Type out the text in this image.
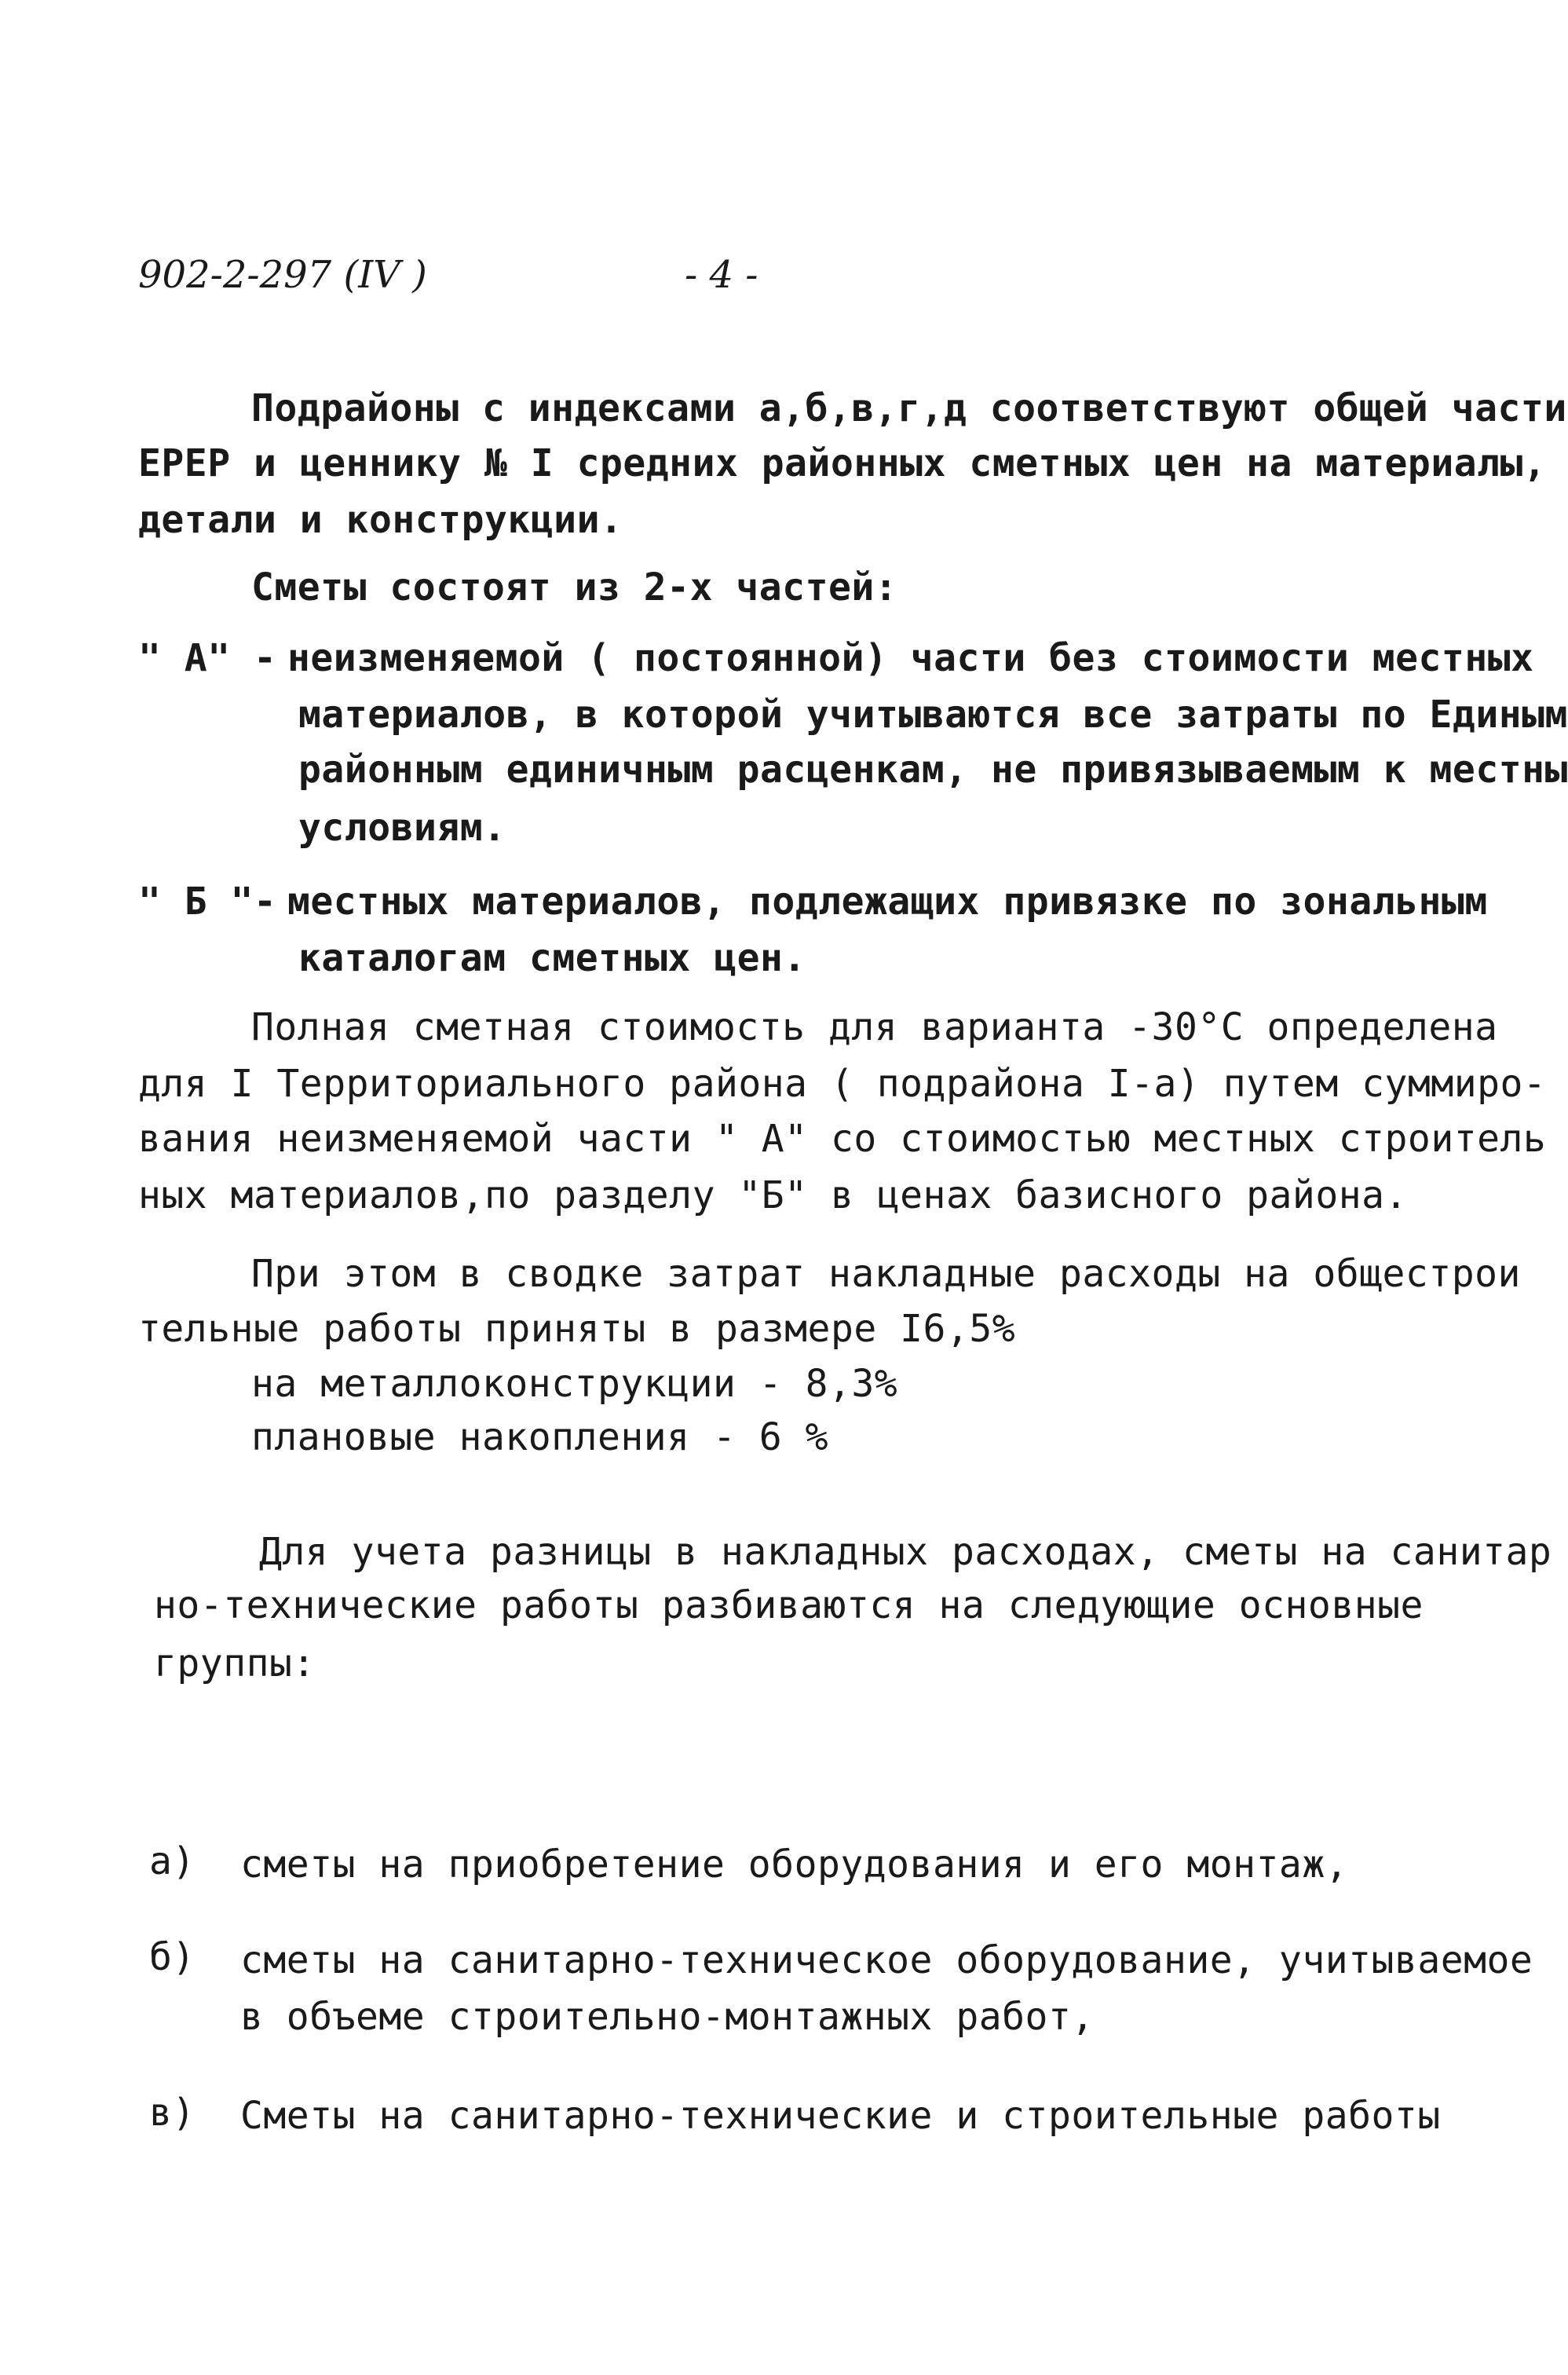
902-2-297 (IV )	- 4 -
Подрайоны с индексами а,б,в,г,д соответствуют общей части
ЕРЕР и ценнику № I средних районных сметных цен на материалы,
детали и конструкции.
Сметы состоят из 2-х частей:
" А" - неизменяемой ( постоянной) части без стоимости местных
материалов, в которой учитываются все затраты по Единым
районным единичным расценкам, не привязываемым к местны
условиям.
" Б "- местных материалов, подлежащих привязке по зональным
каталогам сметных цен.
Полная сметная стоимость для варианта -30°С определена
для I Территориального района ( подрайона I-а) путем суммиро-
вания неизменяемой части " А" со стоимостью местных строитель
ных материалов,по разделу "Б" в ценах базисного района.
При этом в сводке затрат накладные расходы на общестрои
тельные работы приняты в размере I6,5%
на металлоконструкции - 8,3%
плановые накопления - 6 %
Для учета разницы в накладных расходах, сметы на санитар
но-технические работы разбиваются на следующие основные
группы:
а) сметы на приобретение оборудования и его монтаж,
б) сметы на санитарно-техническое оборудование, учитываемое
в объеме строительно-монтажных работ,
в) Сметы на санитарно-технические и строительные работы
